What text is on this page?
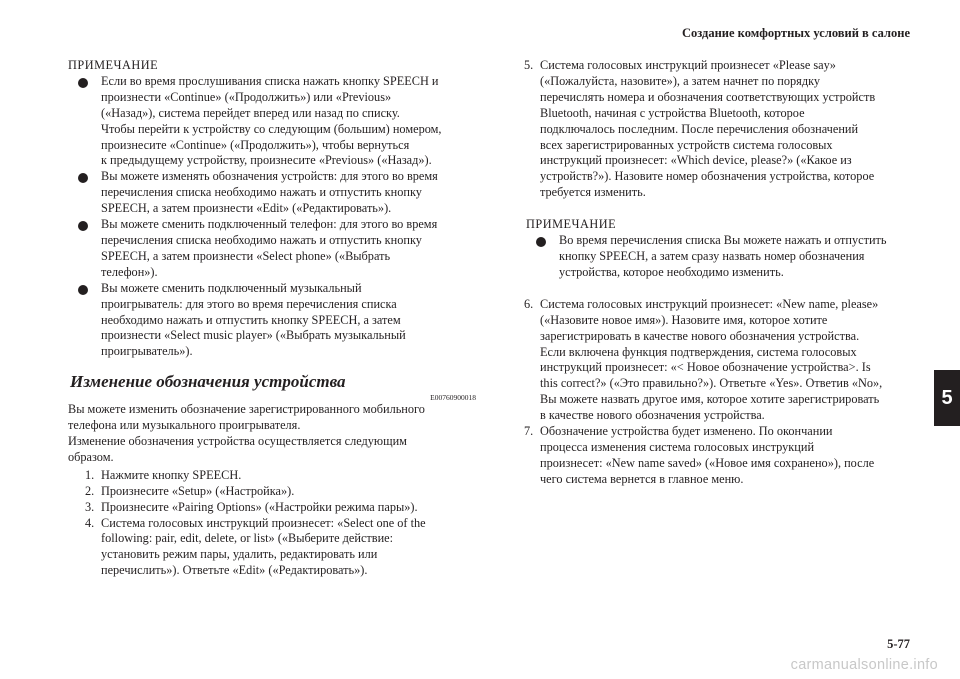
Создание комфортных условий в салоне
ПРИМЕЧАНИЕ
Если во время прослушивания списка нажать кнопку SPEECH и
произнести «Continue» («Продолжить») или «Previous»
(«Назад»), система перейдет вперед или назад по списку.
Чтобы перейти к устройству со следующим (большим) номером,
произнесите «Continue» («Продолжить»), чтобы вернуться
к предыдущему устройству, произнесите «Previous» («Назад»).
Вы можете изменять обозначения устройств: для этого во время
перечисления списка необходимо нажать и отпустить кнопку
SPEECH, а затем произнести «Edit» («Редактировать»).
Вы можете сменить подключенный телефон: для этого во время
перечисления списка необходимо нажать и отпустить кнопку
SPEECH, а затем произнести «Select phone» («Выбрать
телефон»).
Вы можете сменить подключенный музыкальный
проигрыватель: для этого во время перечисления списка
необходимо нажать и отпустить кнопку SPEECH, а затем
произнести «Select music player» («Выбрать музыкальный
проигрыватель»).
Изменение обозначения устройства
E00760900018
Вы можете изменить обозначение зарегистрированного мобильного
телефона или музыкального проигрывателя.
Изменение обозначения устройства осуществляется следующим
образом.
1. Нажмите кнопку SPEECH.
2. Произнесите «Setup» («Настройка»).
3. Произнесите «Pairing Options» («Настройки режима пары»).
4. Система голосовых инструкций произнесет: «Select one of the
following: pair, edit, delete, or list» («Выберите действие:
установить режим пары, удалить, редактировать или
перечислить»). Ответьте «Edit» («Редактировать»).
5. Система голосовых инструкций произнесет «Please say»
(«Пожалуйста, назовите»), а затем начнет по порядку
перечислять номера и обозначения соответствующих устройств
Bluetooth, начиная с устройства Bluetooth, которое
подключалось последним. После перечисления обозначений
всех зарегистрированных устройств система голосовых
инструкций произнесет: «Which device, please?» («Какое из
устройств?»). Назовите номер обозначения устройства, которое
требуется изменить.
ПРИМЕЧАНИЕ
Во время перечисления списка Вы можете нажать и отпустить
кнопку SPEECH, а затем сразу назвать номер обозначения
устройства, которое необходимо изменить.
6. Система голосовых инструкций произнесет: «New name, please»
(«Назовите новое имя»). Назовите имя, которое хотите
зарегистрировать в качестве нового обозначения устройства.
Если включена функция подтверждения, система голосовых
инструкций произнесет: «< Новое обозначение устройства>. Is
this correct?» («Это правильно?»). Ответьте «Yes». Ответив «No»,
Вы можете назвать другое имя, которое хотите зарегистрировать
в качестве нового обозначения устройства.
7. Обозначение устройства будет изменено. По окончании
процесса изменения система голосовых инструкций
произнесет: «New name saved» («Новое имя сохранено»), после
чего система вернется в главное меню.
5
5-77
carmanualsonline.info
